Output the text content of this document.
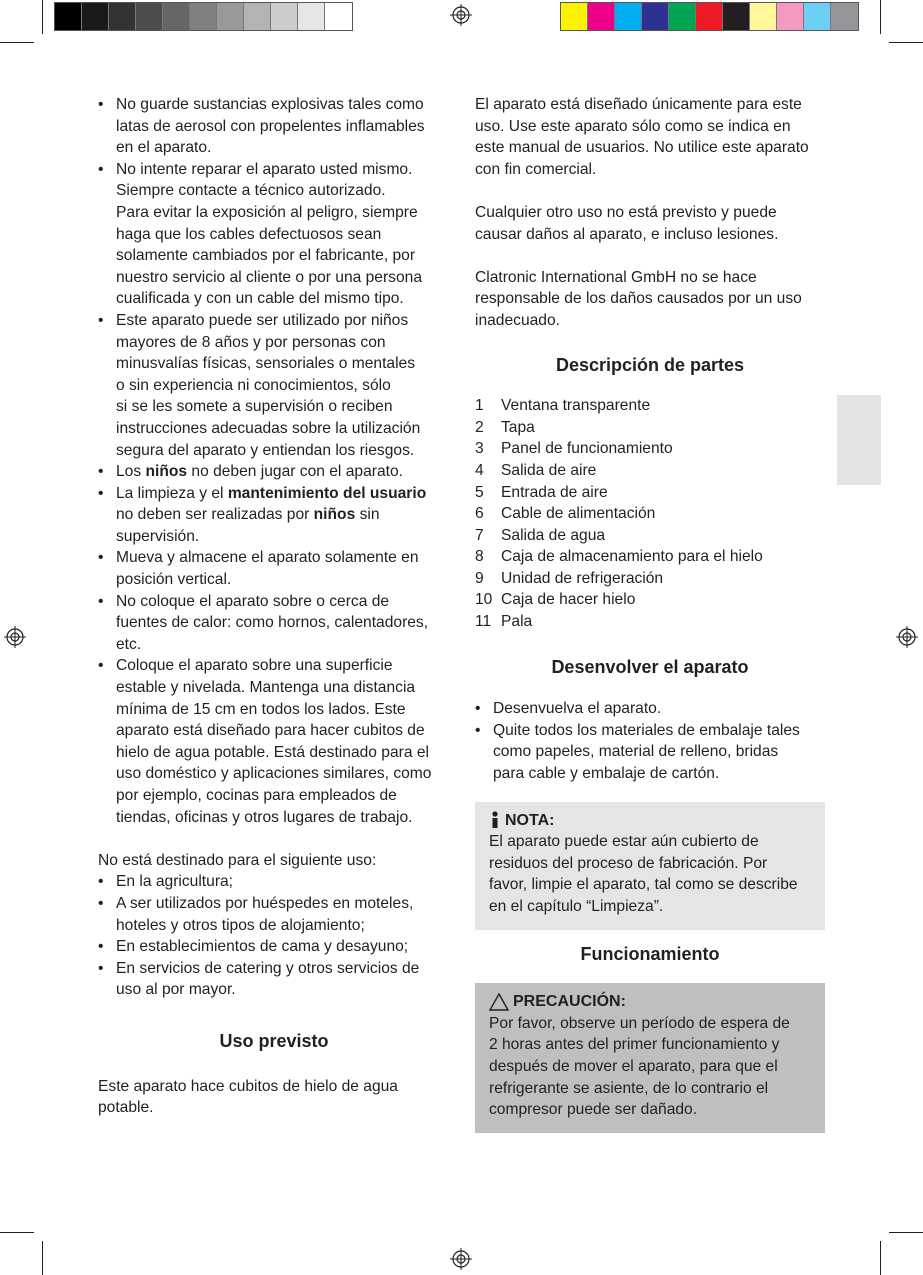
• No guarde sustancias explosivas tales como
latas de aerosol con propelentes inflamables
en el aparato.
• No intente reparar el aparato usted mismo.
Siempre contacte a técnico autorizado.
Para evitar la exposición al peligro, siempre
haga que los cables defectuosos sean
solamente cambiados por el fabricante, por
nuestro servicio al cliente o por una persona
cualificada y con un cable del mismo tipo.
• Este aparato puede ser utilizado por niños
mayores de 8 años y por personas con
minusvalías físicas, sensoriales o mentales
o sin experiencia ni conocimientos, sólo
si se les somete a supervisión o reciben
instrucciones adecuadas sobre la utilización
segura del aparato y entiendan los riesgos.
• Los niños no deben jugar con el aparato.
• La limpieza y el mantenimiento del usuario
no deben ser realizadas por niños sin
supervisión.
• Mueva y almacene el aparato solamente en
posición vertical.
• No coloque el aparato sobre o cerca de
fuentes de calor: como hornos, calentadores,
etc.
• Coloque el aparato sobre una superficie
estable y nivelada. Mantenga una distancia
mínima de 15 cm en todos los lados. Este
aparato está diseñado para hacer cubitos de
hielo de agua potable. Está destinado para el
uso doméstico y aplicaciones similares, como
por ejemplo, cocinas para empleados de
tiendas, oficinas y otros lugares de trabajo.
No está destinado para el siguiente uso:
• En la agricultura;
• A ser utilizados por huéspedes en moteles,
hoteles y otros tipos de alojamiento;
• En establecimientos de cama y desayuno;
• En servicios de catering y otros servicios de
uso al por mayor.
Uso previsto
Este aparato hace cubitos de hielo de agua
potable.
El aparato está diseñado únicamente para este
uso. Use este aparato sólo como se indica en
este manual de usuarios. No utilice este aparato
con fin comercial.
Cualquier otro uso no está previsto y puede
causar daños al aparato, e incluso lesiones.
Clatronic International GmbH no se hace
responsable de los daños causados por un uso
inadecuado.
Descripción de partes
1	Ventana transparente
2	Tapa
3	Panel de funcionamiento
4	Salida de aire
5	Entrada de aire
6	Cable de alimentación
7	Salida de agua
8	Caja de almacenamiento para el hielo
9	Unidad de refrigeración
10 Caja de hacer hielo
11 Pala
Desenvolver el aparato
• Desenvuelva el aparato.
• Quite todos los materiales de embalaje tales
como papeles, material de relleno, bridas
para cable y embalaje de cartón.
NOTA:
El aparato puede estar aún cubierto de
residuos del proceso de fabricación. Por
favor, limpie el aparato, tal como se describe
en el capítulo “Limpieza”.
Funcionamiento
PRECAUCIÓN:
Por favor, observe un período de espera de
2 horas antes del primer funcionamiento y
después de mover el aparato, para que el
refrigerante se asiente, de lo contrario el
compresor puede ser dañado.
